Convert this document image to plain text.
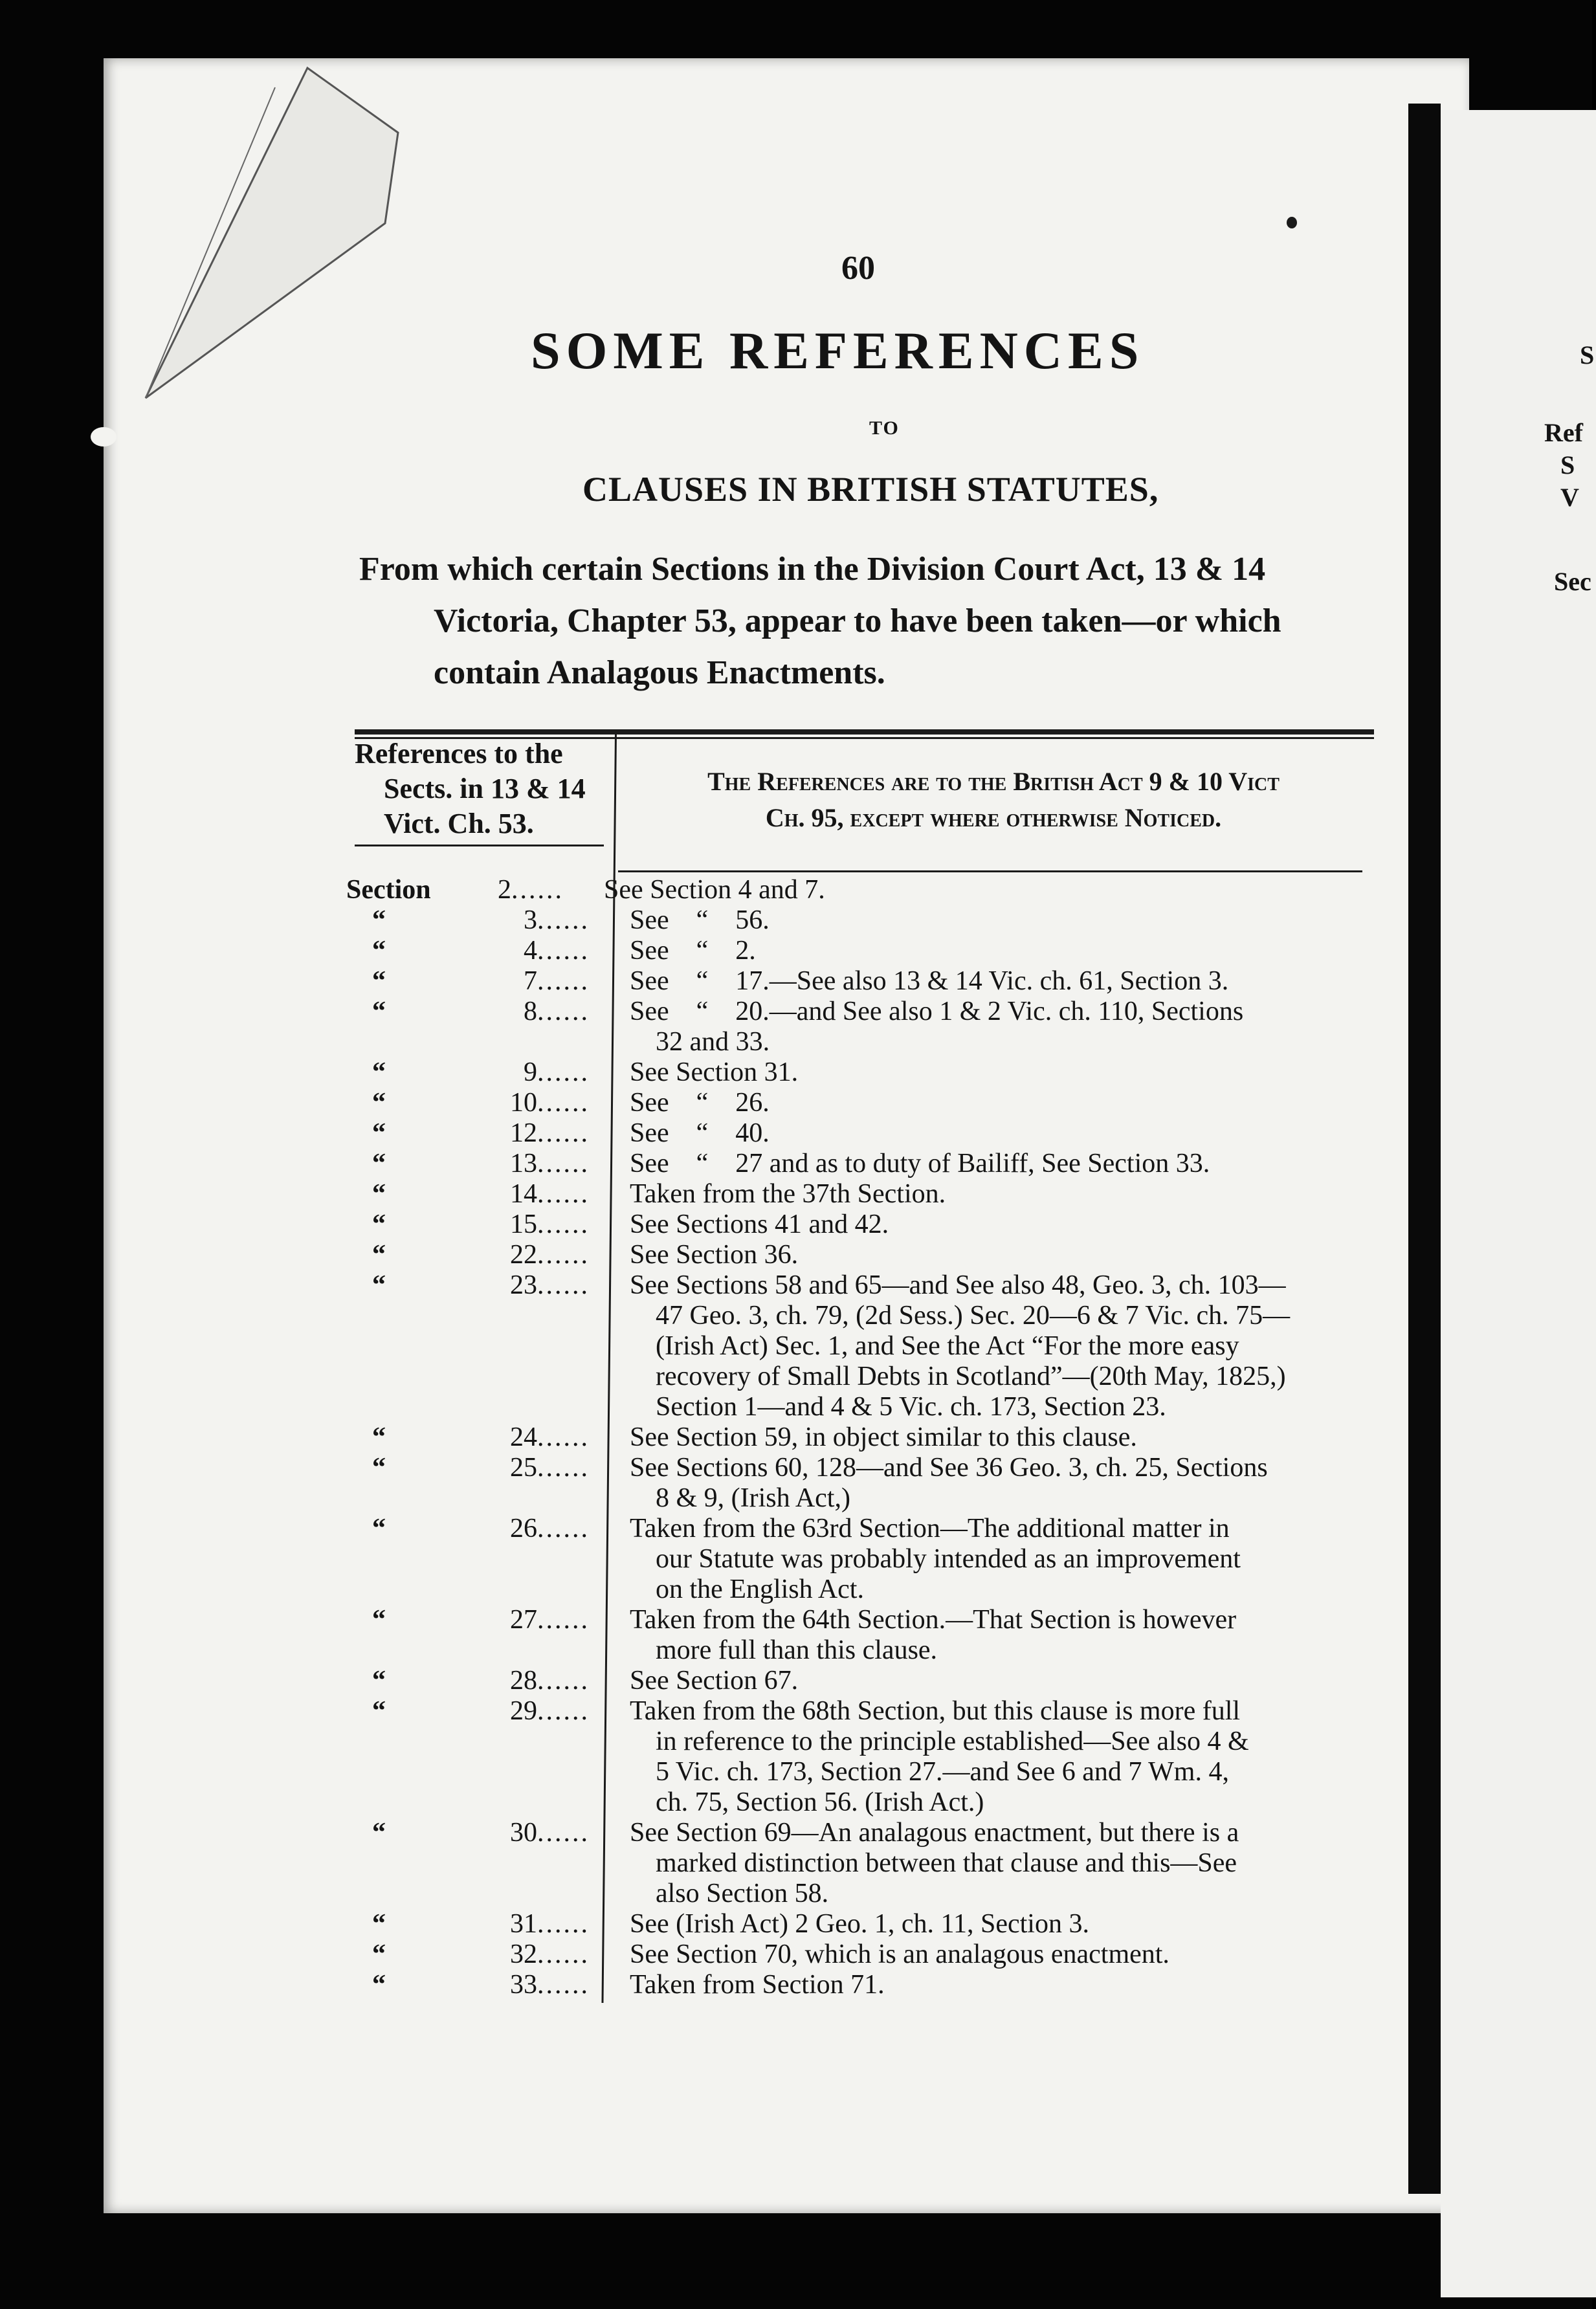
S
Ref
S
V
Sec
60
SOME REFERENCES
TO
CLAUSES IN BRITISH STATUTES,
From which certain Sections in the Division Court Act, 13 & 14
Victoria, Chapter 53, appear to have been taken—or which
contain Analagous Enactments.
References to the
Sects. in 13 & 14
Vict. Ch. 53.
The References are to the British Act 9 & 10 Vict
Ch. 95, except where otherwise Noticed.
Section	2 ......	See Section 4 and 7.
“	3 ......	See    “    56.
“	4 ......	See    “    2.
“	7 ......	See    “    17.—See also 13 & 14 Vic. ch. 61, Section 3.
“	8 ......	See    “    20.—and See also 1 & 2 Vic. ch. 110, Sections
32 and 33.
“	9 ......	See Section 31.
“	10 ......	See    “    26.
“	12 ......	See    “    40.
“	13 ......	See    “    27 and as to duty of Bailiff, See Section 33.
“	14 ......	Taken from the 37th Section.
“	15 ......	See Sections 41 and 42.
“	22 ......	See Section 36.
“	23 ......	See Sections 58 and 65—and See also 48, Geo. 3, ch. 103—
47 Geo. 3, ch. 79, (2d Sess.) Sec. 20—6 & 7 Vic. ch. 75—
(Irish Act) Sec. 1, and See the Act “For the more easy
recovery of Small Debts in Scotland”—(20th May, 1825,)
Section 1—and 4 & 5 Vic. ch. 173, Section 23.
“	24 ......	See Section 59, in object similar to this clause.
“	25 ......	See Sections 60, 128—and See 36 Geo. 3, ch. 25, Sections
8 & 9, (Irish Act,)
“	26 ......	Taken from the 63rd Section—The additional matter in
our Statute was probably intended as an improvement
on the English Act.
“	27 ......	Taken from the 64th Section.—That Section is however
more full than this clause.
“	28 ......	See Section 67.
“	29 ......	Taken from the 68th Section, but this clause is more full
in reference to the principle established—See also 4 &
5 Vic. ch. 173, Section 27.—and See 6 and 7 Wm. 4,
ch. 75, Section 56. (Irish Act.)
“	30 ......	See Section 69—An analagous enactment, but there is a
marked distinction between that clause and this—See
also Section 58.
“	31 ......	See (Irish Act) 2 Geo. 1, ch. 11, Section 3.
“	32 ......	See Section 70, which is an analagous enactment.
“	33 ......	Taken from Section 71.
